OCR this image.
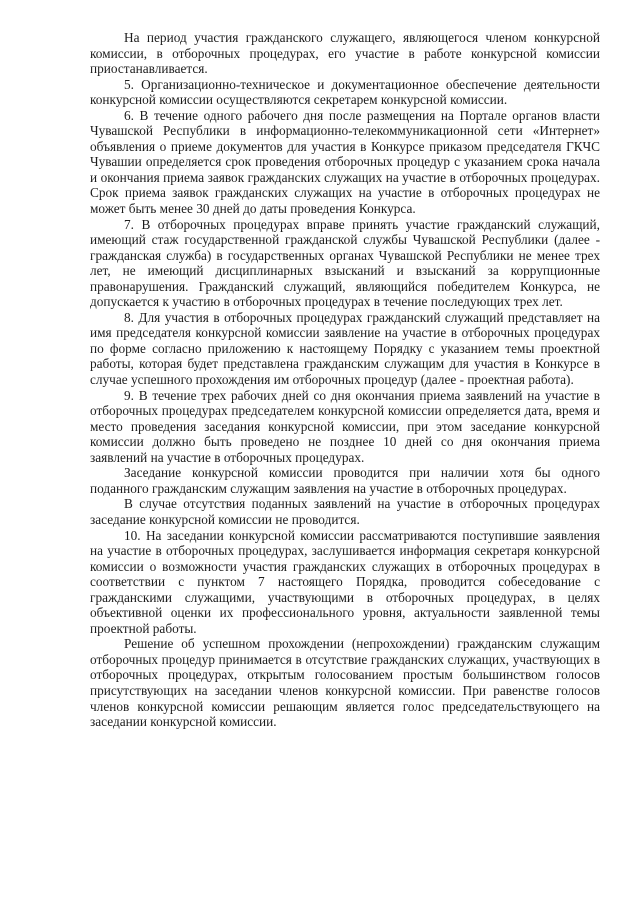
На период участия гражданского служащего, являющегося членом конкурсной комиссии, в отборочных процедурах, его участие в работе конкурсной комиссии приостанавливается.

5. Организационно-техническое и документационное обеспечение деятельности конкурсной комиссии осуществляются секретарем конкурсной комиссии.

6. В течение одного рабочего дня после размещения на Портале органов власти Чувашской Республики в информационно-телекоммуникационной сети «Интернет» объявления о приеме документов для участия в Конкурсе приказом председателя ГКЧС Чувашии определяется срок проведения отборочных процедур с указанием срока начала и окончания приема заявок гражданских служащих на участие в отборочных процедурах. Срок приема заявок гражданских служащих на участие в отборочных процедурах не может быть менее 30 дней до даты проведения Конкурса.

7. В отборочных процедурах вправе принять участие гражданский служащий, имеющий стаж государственной гражданской службы Чувашской Республики (далее - гражданская служба) в государственных органах Чувашской Республики не менее трех лет, не имеющий дисциплинарных взысканий и взысканий за коррупционные правонарушения. Гражданский служащий, являющийся победителем Конкурса, не допускается к участию в отборочных процедурах в течение последующих трех лет.

8. Для участия в отборочных процедурах гражданский служащий представляет на имя председателя конкурсной комиссии заявление на участие в отборочных процедурах по форме согласно приложению к настоящему Порядку с указанием темы проектной работы, которая будет представлена гражданским служащим для участия в Конкурсе в случае успешного прохождения им отборочных процедур (далее - проектная работа).

9. В течение трех рабочих дней со дня окончания приема заявлений на участие в отборочных процедурах председателем конкурсной комиссии определяется дата, время и место проведения заседания конкурсной комиссии, при этом заседание конкурсной комиссии должно быть проведено не позднее 10 дней со дня окончания приема заявлений на участие в отборочных процедурах.

Заседание конкурсной комиссии проводится при наличии хотя бы одного поданного гражданским служащим заявления на участие в отборочных процедурах.

В случае отсутствия поданных заявлений на участие в отборочных процедурах заседание конкурсной комиссии не проводится.

10. На заседании конкурсной комиссии рассматриваются поступившие заявления на участие в отборочных процедурах, заслушивается информация секретаря конкурсной комиссии о возможности участия гражданских служащих в отборочных процедурах в соответствии с пунктом 7 настоящего Порядка, проводится собеседование с гражданскими служащими, участвующими в отборочных процедурах, в целях объективной оценки их профессионального уровня, актуальности заявленной темы проектной работы.

Решение об успешном прохождении (непрохождении) гражданским служащим отборочных процедур принимается в отсутствие гражданских служащих, участвующих в отборочных процедурах, открытым голосованием простым большинством голосов присутствующих на заседании членов конкурсной комиссии. При равенстве голосов членов конкурсной комиссии решающим является голос председательствующего на заседании конкурсной комиссии.
